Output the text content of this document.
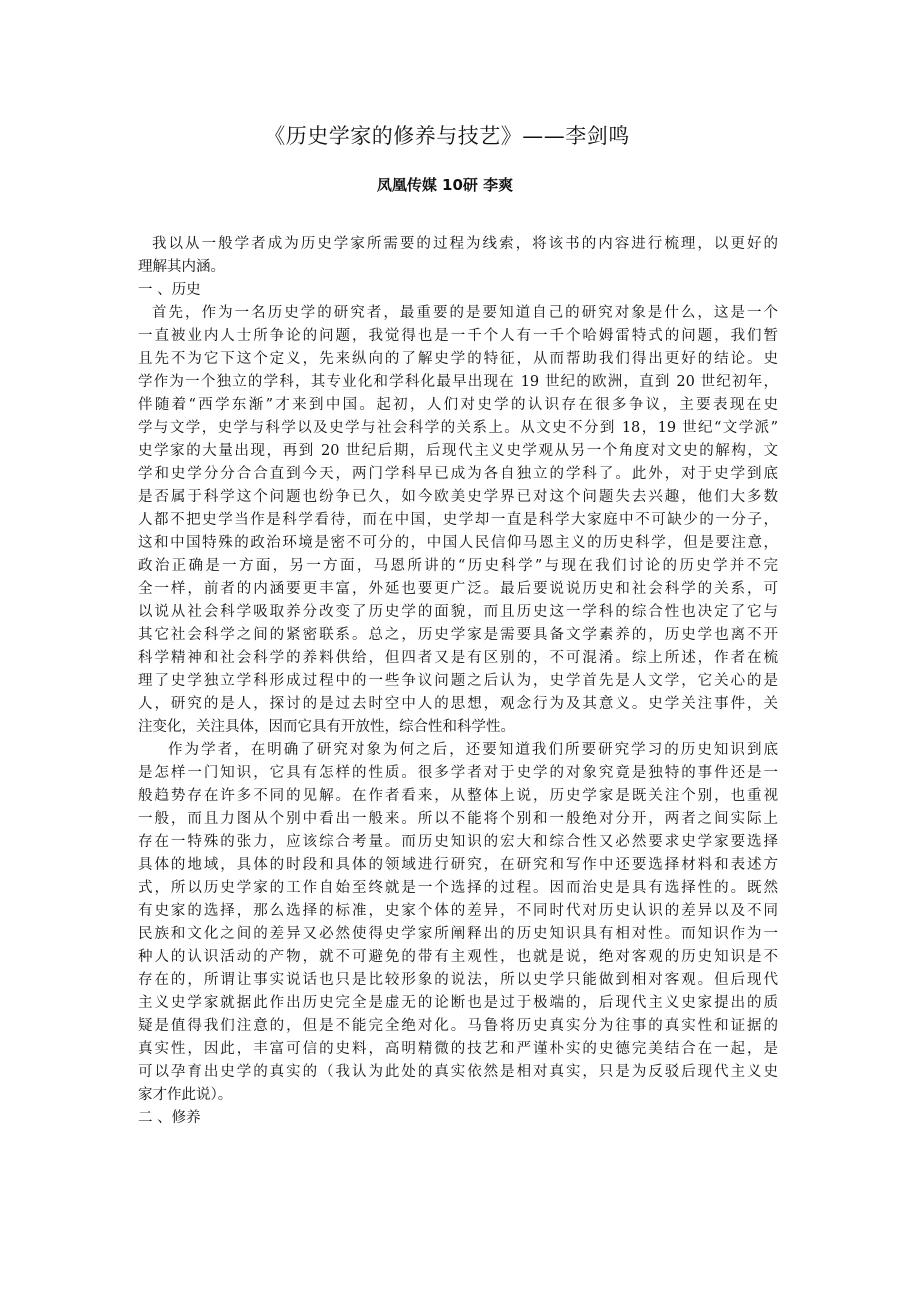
《历史学家的修养与技艺》——李剑鸣
凤凰传媒 10研 李爽
我以从一般学者成为历史学家所需要的过程为线索，将该书的内容进行梳理，以更好的
理解其内涵。
一 、历史
首先，作为一名历史学的研究者，最重要的是要知道自己的研究对象是什么，这是一个
一直被业内人士所争论的问题，我觉得也是一千个人有一千个哈姆雷特式的问题，我们暂
且先不为它下这个定义，先来纵向的了解史学的特征，从而帮助我们得出更好的结论。史
学作为一个独立的学科，其专业化和学科化最早出现在 19 世纪的欧洲，直到 20 世纪初年，
伴随着“西学东渐”才来到中国。起初，人们对史学的认识存在很多争议，主要表现在史
学与文学，史学与科学以及史学与社会科学的关系上。从文史不分到 18，19 世纪“文学派”
史学家的大量出现，再到 20 世纪后期，后现代主义史学观从另一个角度对文史的解构，文
学和史学分分合合直到今天，两门学科早已成为各自独立的学科了。此外，对于史学到底
是否属于科学这个问题也纷争已久，如今欧美史学界已对这个问题失去兴趣，他们大多数
人都不把史学当作是科学看待，而在中国，史学却一直是科学大家庭中不可缺少的一分子，
这和中国特殊的政治环境是密不可分的，中国人民信仰马恩主义的历史科学，但是要注意，
政治正确是一方面，另一方面，马恩所讲的“历史科学”与现在我们讨论的历史学并不完
全一样，前者的内涵要更丰富，外延也要更广泛。最后要说说历史和社会科学的关系，可
以说从社会科学吸取养分改变了历史学的面貌，而且历史这一学科的综合性也决定了它与
其它社会科学之间的紧密联系。总之，历史学家是需要具备文学素养的，历史学也离不开
科学精神和社会科学的养料供给，但四者又是有区别的，不可混淆。综上所述，作者在梳
理了史学独立学科形成过程中的一些争议问题之后认为，史学首先是人文学，它关心的是
人，研究的是人，探讨的是过去时空中人的思想，观念行为及其意义。史学关注事件，关
注变化，关注具体，因而它具有开放性，综合性和科学性。
作为学者，在明确了研究对象为何之后，还要知道我们所要研究学习的历史知识到底
是怎样一门知识，它具有怎样的性质。很多学者对于史学的对象究竟是独特的事件还是一
般趋势存在许多不同的见解。在作者看来，从整体上说，历史学家是既关注个别，也重视
一般，而且力图从个别中看出一般来。所以不能将个别和一般绝对分开，两者之间实际上
存在一特殊的张力，应该综合考量。而历史知识的宏大和综合性又必然要求史学家要选择
具体的地域，具体的时段和具体的领域进行研究，在研究和写作中还要选择材料和表述方
式，所以历史学家的工作自始至终就是一个选择的过程。因而治史是具有选择性的。既然
有史家的选择，那么选择的标准，史家个体的差异，不同时代对历史认识的差异以及不同
民族和文化之间的差异又必然使得史学家所阐释出的历史知识具有相对性。而知识作为一
种人的认识活动的产物，就不可避免的带有主观性，也就是说，绝对客观的历史知识是不
存在的，所谓让事实说话也只是比较形象的说法，所以史学只能做到相对客观。但后现代
主义史学家就据此作出历史完全是虚无的论断也是过于极端的，后现代主义史家提出的质
疑是值得我们注意的，但是不能完全绝对化。马鲁将历史真实分为往事的真实性和证据的
真实性，因此，丰富可信的史料，高明精微的技艺和严谨朴实的史德完美结合在一起，是
可以孕育出史学的真实的（我认为此处的真实依然是相对真实，只是为反驳后现代主义史
家才作此说）。
二 、修养
